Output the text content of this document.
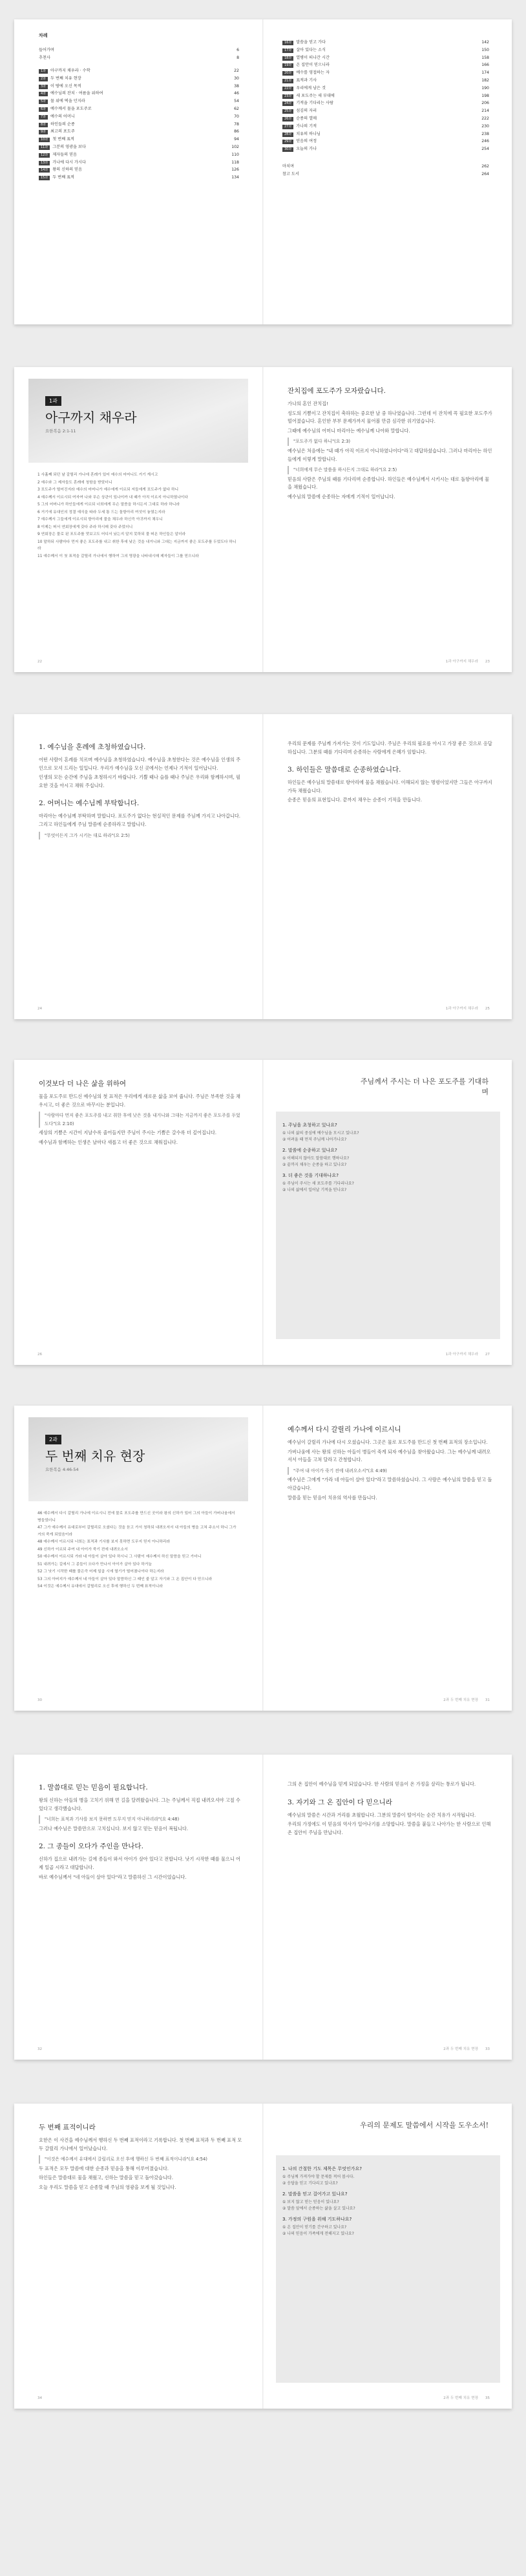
차례
들어가며	6
추천사	8
1과 아구까지 채우라 · 수학	22
2과 두 번째 치유 현장	30
3과 이 땅에 오신 목적	38
4과 예수님의 잔치 · 여름을 위하여	46
5과 물 위에 떡을 던지라	54
6과 예수께서 물을 포도주로	62
7과 예수의 어머니	70
8과 하인들의 순종	78
9과 최고의 포도주	86
10과 첫 번째 표적	94
11과 그분의 영광을 보다	102
12과 제자들의 믿음	110
13과 가나에 다시 가시다	118
14과 왕의 신하의 믿음	126
15과 두 번째 표적	134
16과 말씀을 믿고 가다	142
17과 살아 있다는 소식	150
18과 열병이 떠나간 시간	158
19과 온 집안이 믿으니라	166
20과 예수를 영접하는 자	174
21과 표적과 기사	182
22과 우리에게 남은 것	190
23과 새 포도주는 새 부대에	198
24과 기적을 기다리는 사람	206
25과 섬김의 자리	214
26과 순종의 열매	222
27과 가나의 기적	230
28과 치유의 하나님	238
29과 믿음의 여정	246
30과 오늘의 가나	254
마치며	262
참고 도서	264
1과
아구까지 채우라
요한복음 2:1-11
1 사흘째 되던 날 갈릴리 가나에 혼례가 있어 예수의 어머니도 거기 계시고
2 예수와 그 제자들도 혼례에 청함을 받았더니
3 포도주가 떨어진지라 예수의 어머니가 예수에게 이르되 저들에게 포도주가 없다 하니
4 예수께서 이르시되 여자여 나와 무슨 상관이 있나이까 내 때가 아직 이르지 아니하였나이다
5 그의 어머니가 하인들에게 이르되 너희에게 무슨 말씀을 하시든지 그대로 하라 하니라
6 거기에 유대인의 정결 예식을 따라 두세 통 드는 돌항아리 여섯이 놓였는지라
7 예수께서 그들에게 이르시되 항아리에 물을 채우라 하신즉 아귀까지 채우니
8 이제는 떠서 연회장에게 갖다 주라 하시매 갖다 주었더니
9 연회장은 물로 된 포도주를 맛보고도 어디서 났는지 알지 못하되 물 떠온 하인들은 알더라
10 말하되 사람마다 먼저 좋은 포도주를 내고 취한 후에 낮은 것을 내거니와 그대는 지금까지 좋은 포도주를 두었도다 하니라
11 예수께서 이 첫 표적을 갈릴리 가나에서 행하여 그의 영광을 나타내시매 제자들이 그를 믿으니라
22
잔치집에 포도주가 모자랐습니다.

가나의 혼인 잔치집!

성도의 기쁨이고 잔치집이 축하하는 중요한 날 중 하나였습니다. 그런데 이 잔치에 꼭 필요한 포도주가 떨어졌습니다. 혼인한 부부 문제가까지 물어볼 만큼 심각한 위기였습니다.

그때에 예수님의 어머니 마리아는 예수님께 나아와 말합니다.

"포도주가 없다 하니"(요 2:3)

예수님은 처음에는 "내 때가 아직 이르지 아니하였나이다"라고 대답하셨습니다. 그러나 마리아는 하인들에게 이렇게 말합니다.

"너희에게 무슨 말씀을 하시든지 그대로 하라"(요 2:5)

믿음의 사람은 주님의 때를 기다리며 순종합니다. 하인들은 예수님께서 시키시는 대로 돌항아리에 물을 채웠습니다.

예수님의 말씀에 순종하는 자에게 기적이 일어납니다.

1과 아구까지 채우라 23
1. 예수님을 혼례에 초청하였습니다.

어떤 사람이 혼례를 치르며 예수님을 초청하였습니다. 예수님을 초청한다는 것은 예수님을 인생의 주인으로 모셔 드리는 일입니다. 우리가 예수님을 모신 곳에서는 언제나 기적이 일어납니다.

인생의 모든 순간에 주님을 초청하시기 바랍니다. 기쁠 때나 슬플 때나 주님은 우리와 함께하시며, 필요한 것을 아시고 채워 주십니다.

2. 어머니는 예수님께 부탁합니다.

마리아는 예수님께 부탁하며 말합니다. 포도주가 없다는 현실적인 문제를 주님께 가지고 나아갑니다. 그리고 하인들에게 주님 말씀에 순종하라고 말합니다.

"무엇이든지 그가 시키는 대로 하라"(요 2:5)

24

우리의 문제를 주님께 가져가는 것이 기도입니다. 주님은 우리의 필요를 아시고 가장 좋은 것으로 응답하십니다. 그분의 때를 기다리며 순종하는 사람에게 은혜가 임합니다.

3. 하인들은 말씀대로 순종하였습니다.

하인들은 예수님의 말씀대로 항아리에 물을 채웠습니다. 이해되지 않는 명령이었지만 그들은 아구까지 가득 채웠습니다.

순종은 믿음의 표현입니다. 끝까지 채우는 순종이 기적을 만듭니다.

1과 아구까지 채우라 25
이것보다 더 나은 삶을 위하여

물을 포도주로 만드신 예수님의 첫 표적은 우리에게 새로운 삶을 보여 줍니다. 주님은 부족한 것을 채우시고, 더 좋은 것으로 바꾸시는 분입니다.

"사람마다 먼저 좋은 포도주를 내고 취한 후에 낮은 것을 내거니와 그대는 지금까지 좋은 포도주를 두었도다"(요 2:10)

세상의 기쁨은 시간이 지날수록 줄어들지만 주님이 주시는 기쁨은 갈수록 더 깊어집니다.

예수님과 함께하는 인생은 날마다 새롭고 더 좋은 것으로 채워집니다.

26
주님께서 주시는 더 나은 포도주를 기대하며
1. 주님을 초청하고 있나요?
① 나의 삶의 중심에 예수님을 모시고 있나요?
② 어려울 때 먼저 주님께 나아가나요?
2. 말씀에 순종하고 있나요?
① 이해되지 않아도 말씀대로 행하나요?
② 끝까지 채우는 순종을 하고 있나요?
3. 더 좋은 것을 기대하나요?
① 주님이 주시는 새 포도주를 기다리나요?
② 나의 삶에서 일어날 기적을 믿나요?
1과 아구까지 채우라 27
2과
두 번째 치유 현장
요한복음 4:46-54
46 예수께서 다시 갈릴리 가나에 이르시니 전에 물로 포도주를 만드신 곳이라 왕의 신하가 있어 그의 아들이 가버나움에서 병들었더니
47 그가 예수께서 유대로부터 갈릴리로 오셨다는 것을 듣고 가서 청하되 내려오셔서 내 아들의 병을 고쳐 주소서 하니 그가 거의 죽게 되었음이라
48 예수께서 이르시되 너희는 표적과 기사를 보지 못하면 도무지 믿지 아니하리라
49 신하가 이르되 주여 내 아이가 죽기 전에 내려오소서
50 예수께서 이르시되 가라 네 아들이 살아 있다 하시니 그 사람이 예수께서 하신 말씀을 믿고 가더니
51 내려가는 길에서 그 종들이 오다가 만나서 아이가 살아 있다 하거늘
52 그 낫기 시작한 때를 물은즉 어제 일곱 시에 열기가 떨어졌나이다 하는지라
53 그의 아버지가 예수께서 네 아들이 살아 있다 말씀하신 그 때인 줄 알고 자기와 그 온 집안이 다 믿으니라
54 이것은 예수께서 유대에서 갈릴리로 오신 후에 행하신 두 번째 표적이니라
30
예수께서 다시 갈릴리 가나에 이르시니

예수님이 갈릴리 가나에 다시 오셨습니다. 그곳은 물로 포도주를 만드신 첫 번째 표적의 장소입니다.

가버나움에 사는 왕의 신하는 아들이 병들어 죽게 되자 예수님을 찾아왔습니다. 그는 예수님께 내려오셔서 아들을 고쳐 달라고 간청합니다.

"주여 내 아이가 죽기 전에 내려오소서"(요 4:49)

예수님은 그에게 "가라 네 아들이 살아 있다"라고 말씀하셨습니다. 그 사람은 예수님의 말씀을 믿고 돌아갔습니다.

말씀을 믿는 믿음이 치유의 역사를 만듭니다.

2과 두 번째 치유 현장 31
1. 말씀대로 믿는 믿음이 필요합니다.

왕의 신하는 아들의 병을 고치기 위해 먼 길을 달려왔습니다. 그는 주님께서 직접 내려오셔야 고칠 수 있다고 생각했습니다.

"너희는 표적과 기사를 보지 못하면 도무지 믿지 아니하리라"(요 4:48)

그러나 예수님은 말씀만으로 고치십니다. 보지 않고 믿는 믿음이 복됩니다.

2. 그 종들이 오다가 주인을 만나다.

신하가 집으로 내려가는 길에 종들이 와서 아이가 살아 있다고 전합니다. 낫기 시작한 때를 물으니 어제 일곱 시라고 대답합니다.

바로 예수님께서 "네 아들이 살아 있다"라고 말씀하신 그 시간이었습니다.

32

그의 온 집안이 예수님을 믿게 되었습니다. 한 사람의 믿음이 온 가정을 살리는 통로가 됩니다.

3. 자기와 그 온 집안이 다 믿으니라

예수님의 말씀은 시간과 거리를 초월합니다. 그분의 말씀이 떨어지는 순간 치유가 시작됩니다.

우리의 가정에도 이 믿음의 역사가 일어나기를 소망합니다. 말씀을 붙들고 나아가는 한 사람으로 인해 온 집안이 주님을 만납니다.

2과 두 번째 치유 현장 33
두 번째 표적이니라

요한은 이 사건을 예수님께서 행하신 두 번째 표적이라고 기록합니다. 첫 번째 표적과 두 번째 표적 모두 갈릴리 가나에서 일어났습니다.

"이것은 예수께서 유대에서 갈릴리로 오신 후에 행하신 두 번째 표적이니라"(요 4:54)

두 표적은 모두 말씀에 대한 순종과 믿음을 통해 이루어졌습니다.

하인들은 말씀대로 물을 채웠고, 신하는 말씀을 믿고 돌아갔습니다.

오늘 우리도 말씀을 믿고 순종할 때 주님의 영광을 보게 될 것입니다.

34
우리의 문제도 말씀에서 시작을 도우소서!
1. 나의 간절한 기도 제목은 무엇인가요?
① 주님께 가져가야 할 문제를 적어 봅시다.
② 응답을 믿고 기다리고 있나요?
2. 말씀을 믿고 걸어가고 있나요?
① 보지 않고 믿는 믿음이 있나요?
② 말씀 앞에서 순종하는 삶을 살고 있나요?
3. 가정의 구원을 위해 기도하나요?
① 온 집안이 믿기를 간구하고 있나요?
② 나의 믿음이 가족에게 전해지고 있나요?
2과 두 번째 치유 현장 35
